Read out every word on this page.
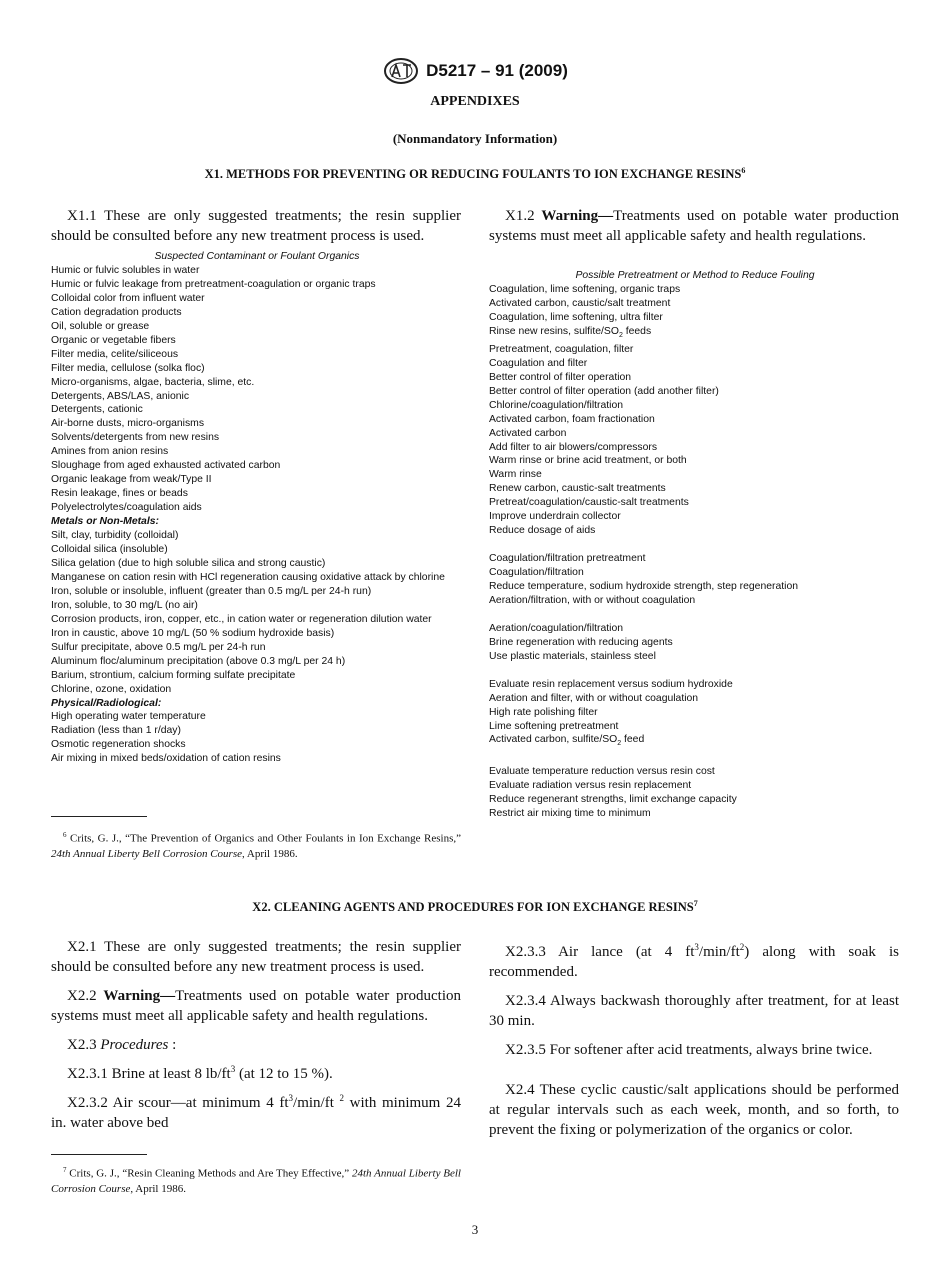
D5217 – 91 (2009)
APPENDIXES
(Nonmandatory Information)
X1. METHODS FOR PREVENTING OR REDUCING FOULANTS TO ION EXCHANGE RESINS$^6$

X1.1 These are only suggested treatments; the resin supplier should be consulted before any new treatment process is used.

X1.2 Warning—Treatments used on potable water production systems must meet all applicable safety and health regulations.

Suspected Contaminant or Foulant Organics
Humic or fulvic solubles in water
Humic or fulvic leakage from pretreatment-coagulation or organic traps
Colloidal color from influent water
Cation degradation products
Oil, soluble or grease
Organic or vegetable fibers
Filter media, celite/siliceous
Filter media, cellulose (solka floc)
Micro-organisms, algae, bacteria, slime, etc.
Detergents, ABS/LAS, anionic
Detergents, cationic
Air-borne dusts, micro-organisms
Solvents/detergents from new resins
Amines from anion resins
Sloughage from aged exhausted activated carbon
Organic leakage from weak/Type II
Resin leakage, fines or beads
Polyelectrolytes/coagulation aids
Metals or Non-Metals:
Silt, clay, turbidity (colloidal)
Colloidal silica (insoluble)
Silica gelation (due to high soluble silica and strong caustic)
Manganese on cation resin with HCl regeneration causing oxidative attack by chlorine
Iron, soluble or insoluble, influent (greater than 0.5 mg/L per 24-h run)
Iron, soluble, to 30 mg/L (no air)
Corrosion products, iron, copper, etc., in cation water or regeneration dilution water
Iron in caustic, above 10 mg/L (50 % sodium hydroxide basis)
Sulfur precipitate, above 0.5 mg/L per 24-h run
Aluminum floc/aluminum precipitation (above 0.3 mg/L per 24 h)
Barium, strontium, calcium forming sulfate precipitate
Chlorine, ozone, oxidation
Physical/Radiological:
High operating water temperature
Radiation (less than 1 r/day)
Osmotic regeneration shocks
Air mixing in mixed beds/oxidation of cation resins
Possible Pretreatment or Method to Reduce Fouling
Coagulation, lime softening, organic traps
Activated carbon, caustic/salt treatment
Coagulation, lime softening, ultra filter
Rinse new resins, sulfite/$SO_2$ feeds
Pretreatment, coagulation, filter
Coagulation and filter
Better control of filter operation
Better control of filter operation (add another filter)
Chlorine/coagulation/filtration
Activated carbon, foam fractionation
Activated carbon
Add filter to air blowers/compressors
Warm rinse or brine acid treatment, or both
Warm rinse
Renew carbon, caustic-salt treatments
Pretreat/coagulation/caustic-salt treatments
Improve underdrain collector
Reduce dosage of aids
Coagulation/filtration pretreatment
Coagulation/filtration
Reduce temperature, sodium hydroxide strength, step regeneration
Aeration/filtration, with or without coagulation
Aeration/coagulation/filtration
Brine regeneration with reducing agents
Use plastic materials, stainless steel
Evaluate resin replacement versus sodium hydroxide
Aeration and filter, with or without coagulation
High rate polishing filter
Lime softening pretreatment
Activated carbon, sulfite/$SO_2$ feed
Evaluate temperature reduction versus resin cost
Evaluate radiation versus resin replacement
Reduce regenerant strengths, limit exchange capacity
Restrict air mixing time to minimum
$^6$ Crits, G. J., “The Prevention of Organics and Other Foulants in Ion Exchange Resins,” 24th Annual Liberty Bell Corrosion Course, April 1986.
X2. CLEANING AGENTS AND PROCEDURES FOR ION EXCHANGE RESINS$^7$

X2.1 These are only suggested treatments; the resin supplier should be consulted before any new treatment process is used.

X2.2 Warning—Treatments used on potable water production systems must meet all applicable safety and health regulations.

X2.3 Procedures :

X2.3.1 Brine at least 8 $lb/ft^3$ (at 12 to 15 %).

X2.3.2 Air scour—at minimum 4 $ft^3/\min/ft$ $^2$ with minimum 24 in. water above bed

$^7$ Crits, G. J., “Resin Cleaning Methods and Are They Effective,” 24th Annual Liberty Bell Corrosion Course, April 1986.

X2.3.3 Air lance (at 4 $ft^3/\min/ft^2$) along with soak is recommended.

X2.3.4 Always backwash thoroughly after treatment, for at least 30 min.

X2.3.5 For softener after acid treatments, always brine twice.

X2.4 These cyclic caustic/salt applications should be performed at regular intervals such as each week, month, and so forth, to prevent the fixing or polymerization of the organics or color.

3
